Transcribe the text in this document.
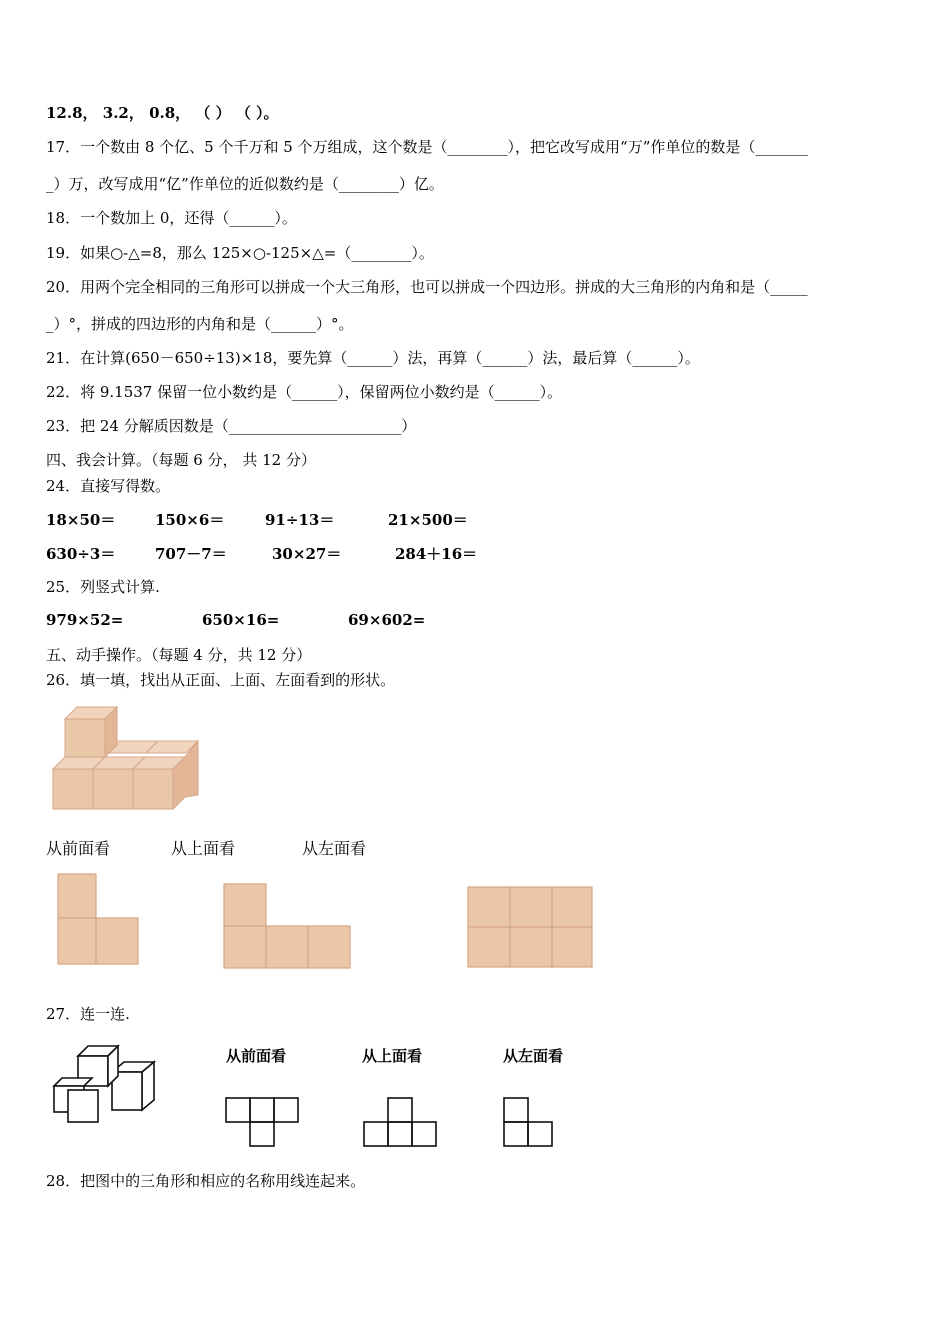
12.8， 3.2， 0.8， （ ） （ ）。
17．一个数由 8 个亿、5 个千万和 5 个万组成，这个数是（________），把它改写成用“万”作单位的数是（_______
_）万，改写成用“亿”作单位的近似数约是（________）亿。
18．一个数加上 0，还得（______）。
19．如果○-△=8，那么 125×○-125×△=（________）。
20．用两个完全相同的三角形可以拼成一个大三角形，也可以拼成一个四边形。拼成的大三角形的内角和是（_____
_）°，拼成的四边形的内角和是（______）°。
21．在计算(650－650÷13)×18，要先算（______）法，再算（______）法，最后算（______）。
22．将 9.1537 保留一位小数约是（______），保留两位小数约是（______）。
23．把 24 分解质因数是（_______________________）
四、我会计算。（每题 6 分， 共 12 分）
24．直接写得数。
18×50＝	150×6＝	91÷13＝	21×500＝
630÷3＝	707－7＝	30×27＝	284＋16＝
25．列竖式计算.
979×52=	650×16=	69×602=
五、动手操作。（每题 4 分，共 12 分）
26．填一填，找出从正面、上面、左面看到的形状。
从前面看	从上面看	从左面看
27．连一连.
从前面看	从上面看	从左面看
28．把图中的三角形和相应的名称用线连起来。
